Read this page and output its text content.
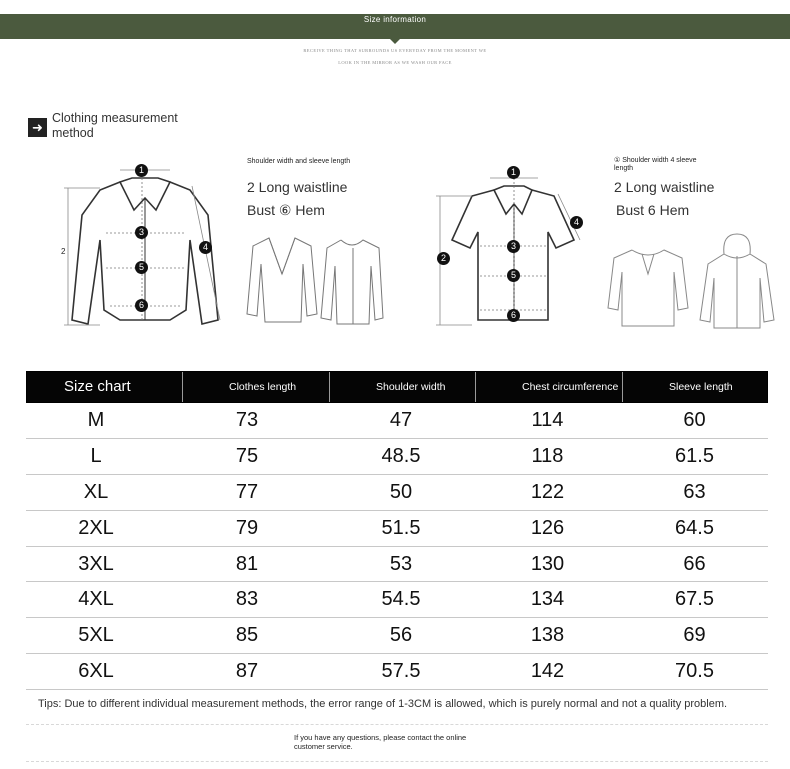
Size information
RECEIVE THING THAT SURROUNDS US EVERYDAY FROM THE MOMENT WE
LOOK IN THE MIRROR AS WE WASH OUR FACE
➜
Clothing measurement method
2
1
3
5
6
4
Shoulder width and sleeve length
2 Long waistline
Bust ⑥ Hem
1
3
5
6
4
2
① Shoulder width 4 sleeve length
2 Long waistline
Bust 6 Hem
Size chart	Clothes length	Shoulder width	Chest circumference	Sleeve length
M	73	47	114	60
L	75	48.5	118	61.5
XL	77	50	122	63
2XL	79	51.5	126	64.5
3XL	81	53	130	66
4XL	83	54.5	134	67.5
5XL	85	56	138	69
6XL	87	57.5	142	70.5
Tips: Due to different individual measurement methods, the error range of 1-3CM is allowed, which is purely normal and not a quality problem.
If you have any questions, please contact the online customer service.
